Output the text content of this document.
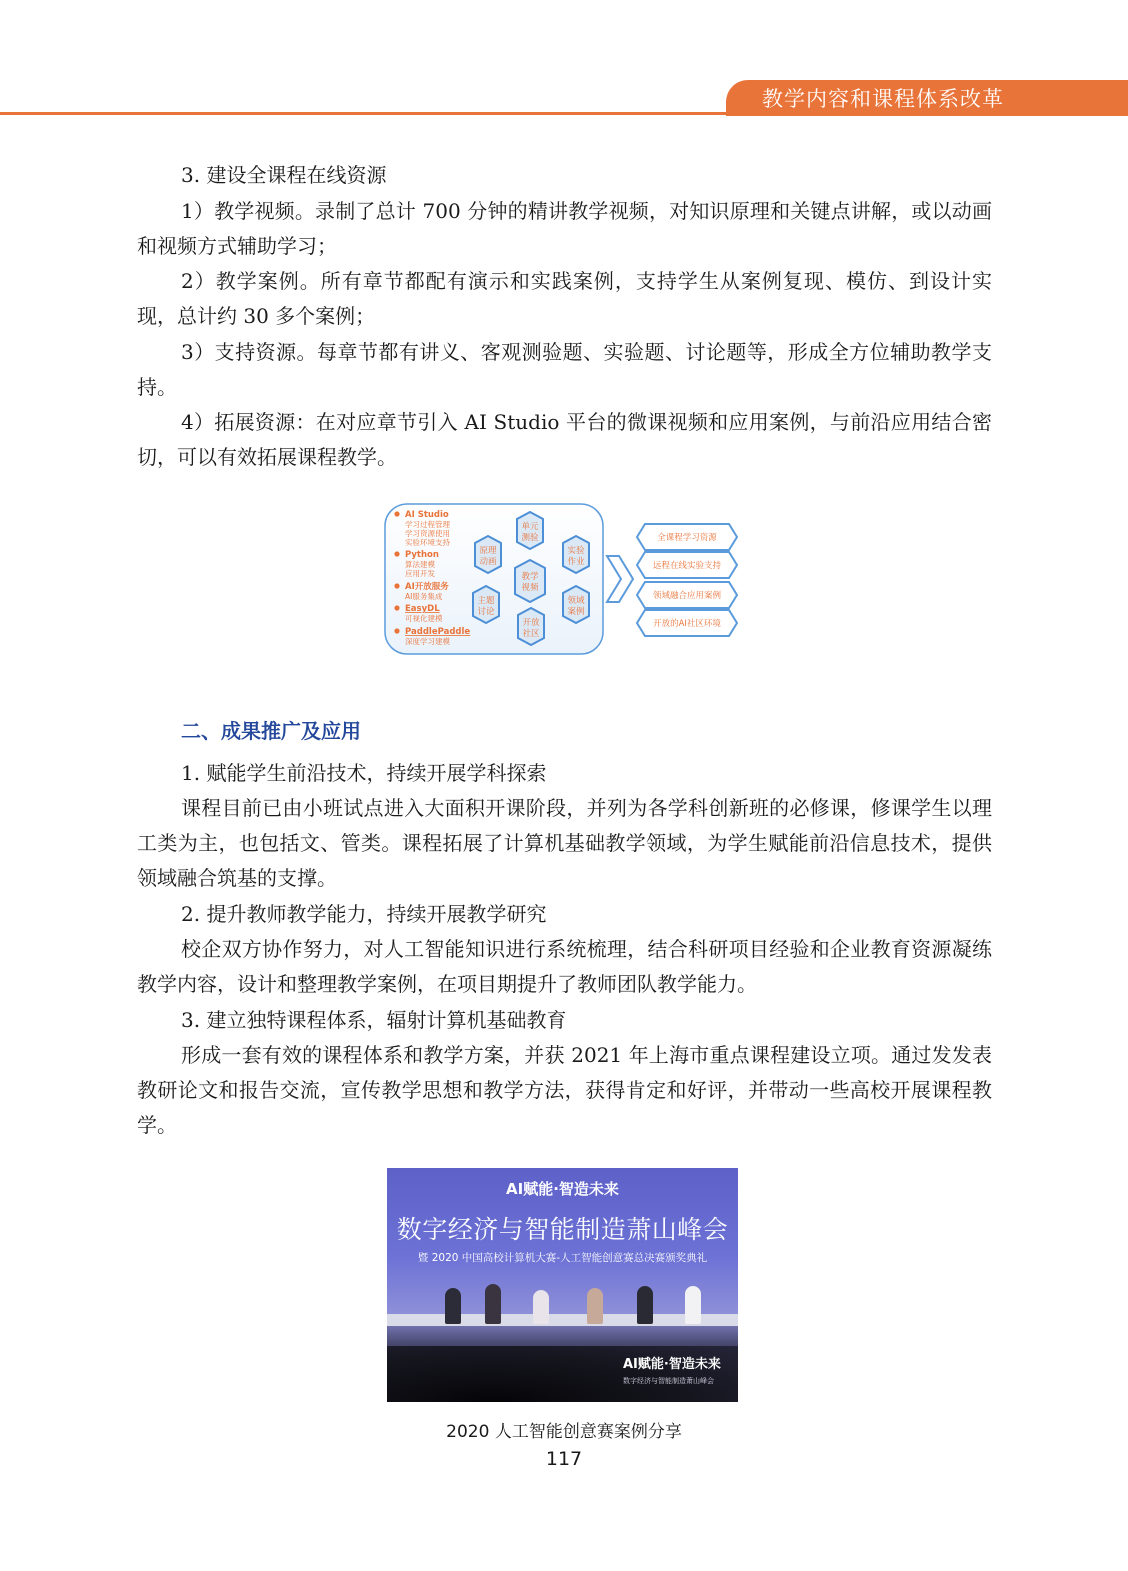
教学内容和课程体系改革

3. 建设全课程在线资源

1）教学视频。录制了总计 700 分钟的精讲教学视频，对知识原理和关键点讲解，或以动画和视频方式辅助学习；

2）教学案例。所有章节都配有演示和实践案例，支持学生从案例复现、模仿、到设计实现，总计约 30 多个案例；

3）支持资源。每章节都有讲义、客观测验题、实验题、讨论题等，形成全方位辅助教学支持。

4）拓展资源：在对应章节引入 AI Studio 平台的微课视频和应用案例，与前沿应用结合密切，可以有效拓展课程教学。

AI Studio
学习过程管理
学习资源使用
实验环境支持
Python
算法建模
应用开发
AI开放服务
AI服务集成
EasyDL
可视化建模
PaddlePaddle
深度学习建模
单元
测验
原理
动画
实验
作业
教学
视频
主题
讨论
领域
案例
开放
社区
全课程学习资源
远程在线实验支持
领域融合应用案例
开放的AI社区环境
二、成果推广及应用

1. 赋能学生前沿技术，持续开展学科探索

课程目前已由小班试点进入大面积开课阶段，并列为各学科创新班的必修课，修课学生以理工类为主，也包括文、管类。课程拓展了计算机基础教学领域，为学生赋能前沿信息技术，提供领域融合筑基的支撑。

2. 提升教师教学能力，持续开展教学研究

校企双方协作努力，对人工智能知识进行系统梳理，结合科研项目经验和企业教育资源凝练教学内容，设计和整理教学案例，在项目期提升了教师团队教学能力。

3. 建立独特课程体系，辐射计算机基础教育

形成一套有效的课程体系和教学方案，并获 2021 年上海市重点课程建设立项。通过发发表教研论文和报告交流，宣传教学思想和教学方法，获得肯定和好评，并带动一些高校开展课程教学。

AI赋能·智造未来
数字经济与智能制造萧山峰会
暨 2020 中国高校计算机大赛-人工智能创意赛总决赛颁奖典礼
AI赋能·智造未来
数字经济与智能制造萧山峰会
2020 人工智能创意赛案例分享
117
